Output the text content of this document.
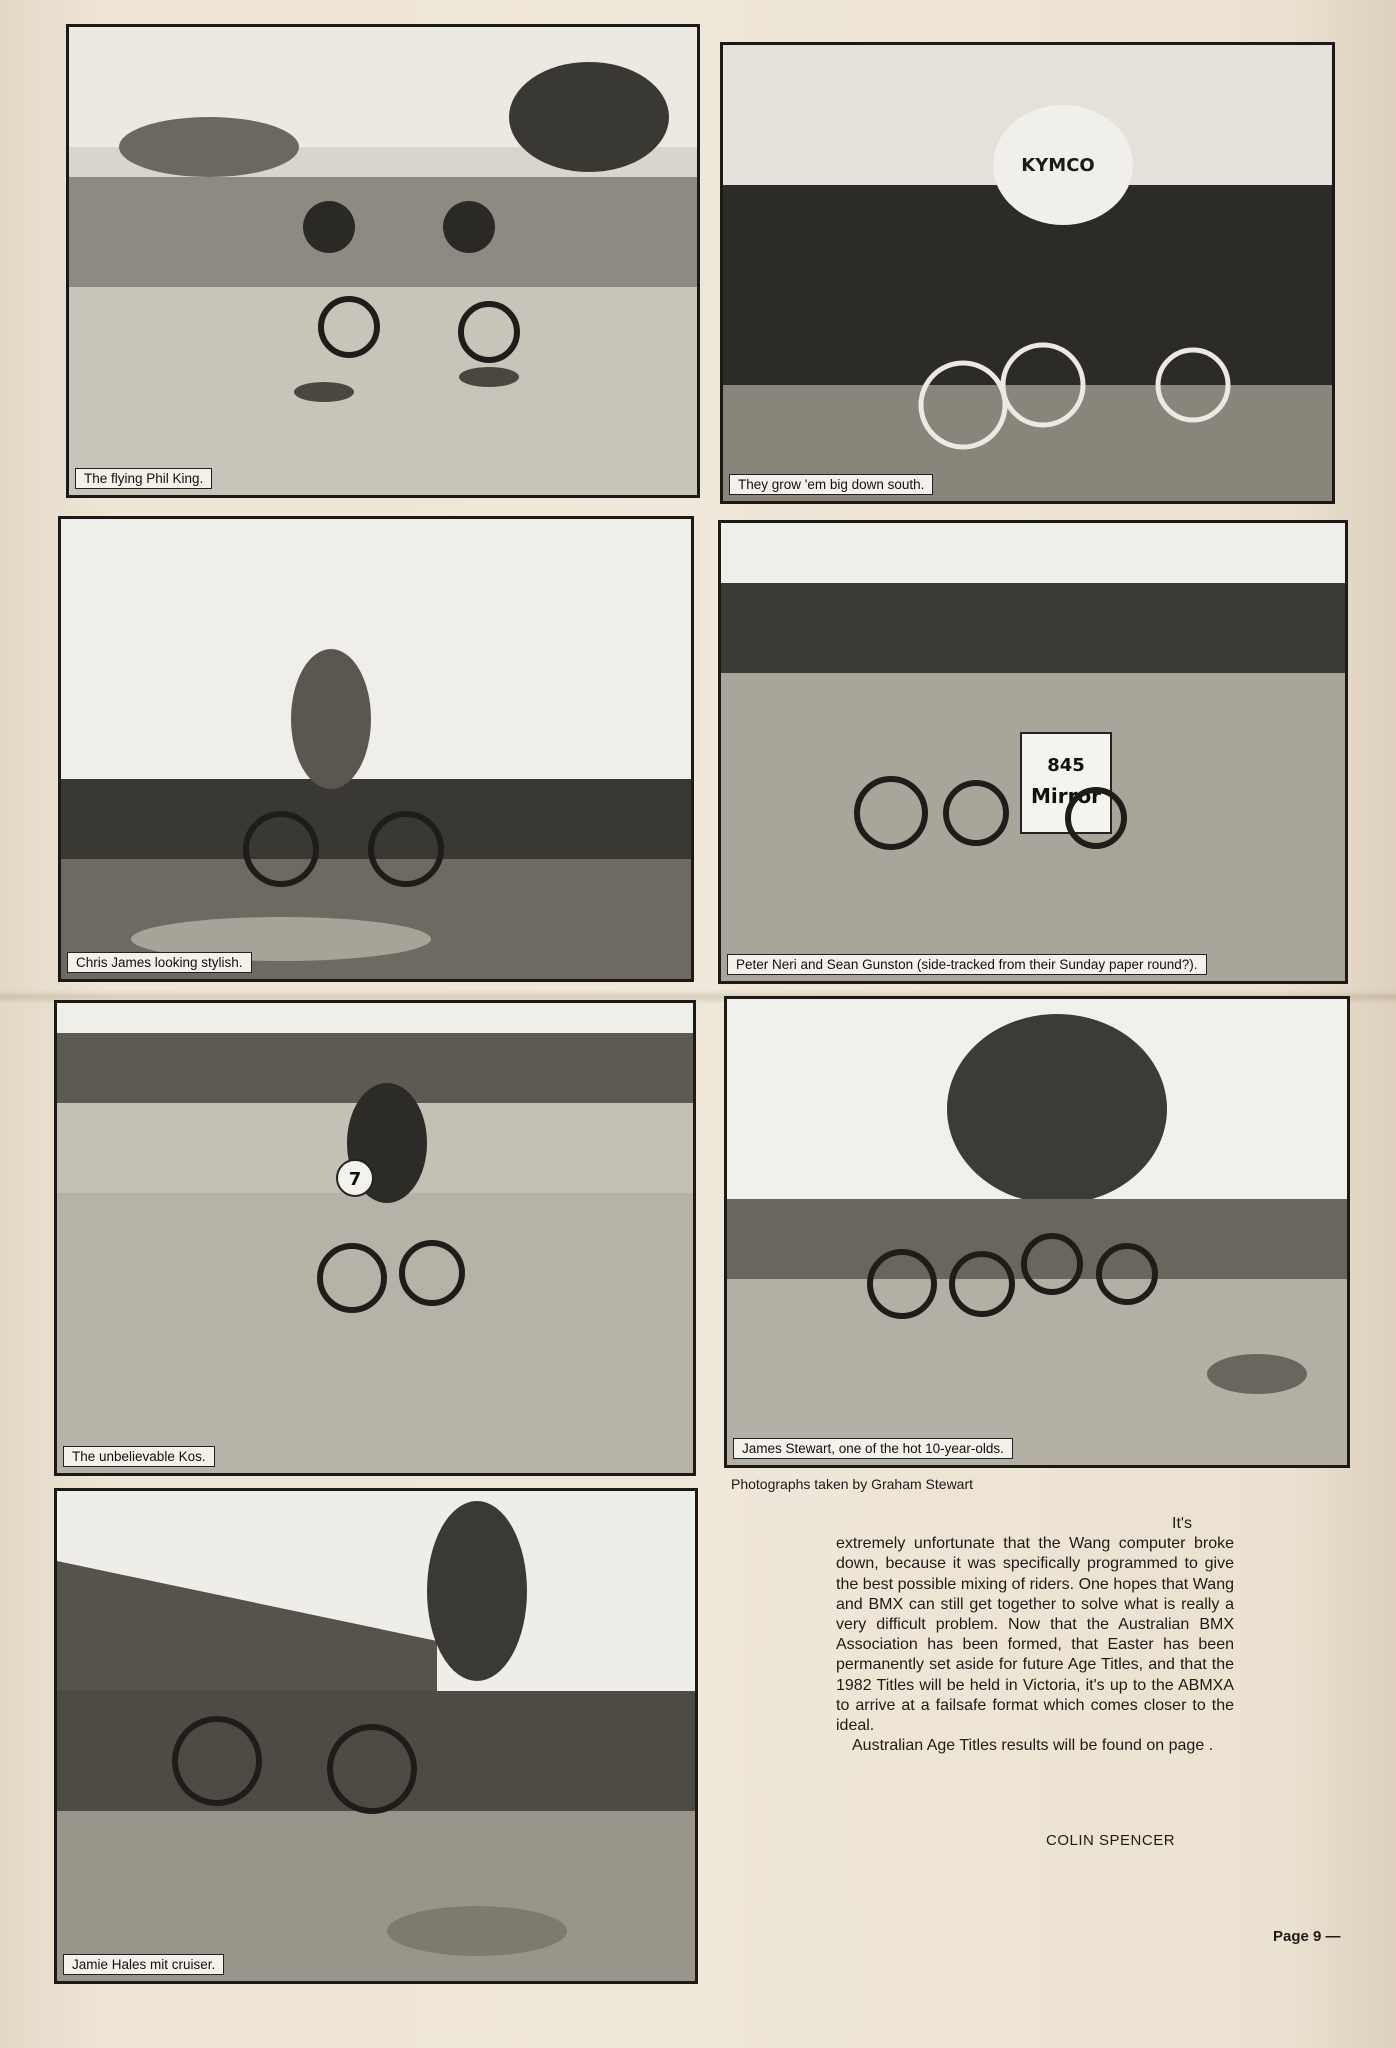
The flying Phil King.
KYMCO
They grow 'em big down south.
Chris James looking stylish.
845
Mirror
Peter Neri and Sean Gunston (side-tracked from their Sunday paper round?).
7
The unbelievable Kos.
James Stewart, one of the hot 10-year-olds.
Jamie Hales mit cruiser.
Photographs taken by Graham Stewart

It's extremely unfortunate that the Wang computer broke down, because it was specifically programmed to give the best possible mixing of riders. One hopes that Wang and BMX can still get together to solve what is really a very difficult problem. Now that the Australian BMX Association has been formed, that Easter has been permanently set aside for future Age Titles, and that the 1982 Titles will be held in Victoria, it's up to the ABMXA to arrive at a failsafe format which comes closer to the ideal.

Australian Age Titles results will be found on page .

COLIN SPENCER
Page 9 —
